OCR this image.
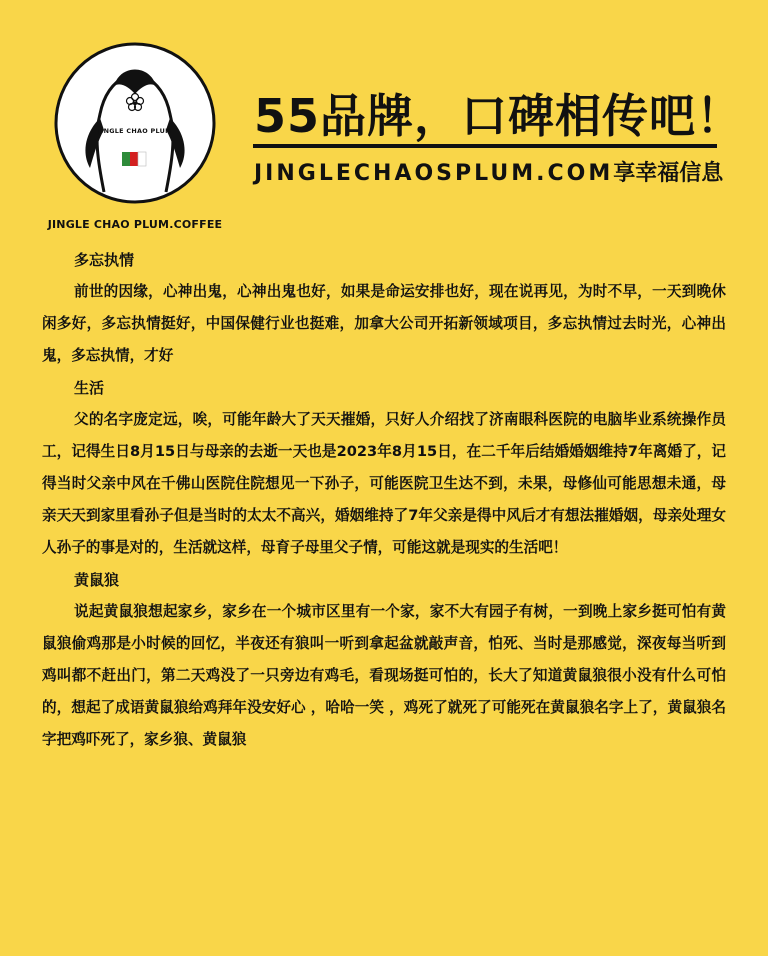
JINGLE CHAO PLUM
JINGLE CHAO PLUM.COFFEE
55品牌，口碑相传吧！
JINGLECHAOSPLUM.COM享幸福信息
多忘执情

前世的因缘，心神出鬼，心神出鬼也好，如果是命运安排也好，现在说再见，为时不早，一天到晚休闲多好，多忘执情挺好，中国保健行业也挺难，加拿大公司开拓新领域项目，多忘执情过去时光，心神出鬼，多忘执情，才好

生活

父的名字庞定远，唉，可能年龄大了天天摧婚，只好人介绍找了济南眼科医院的电脑毕业系统操作员工，记得生日8月15日与母亲的去逝一天也是2023年8月15日，在二千年后结婚婚姻维持7年离婚了，记得当时父亲中风在千佛山医院住院想见一下孙子，可能医院卫生达不到，未果，母修仙可能思想未通，母亲天天到家里看孙子但是当时的太太不高兴，婚姻维持了7年父亲是得中风后才有想法摧婚姻，母亲处理女人孙子的事是对的，生活就这样，母育子母里父子情，可能这就是现实的生活吧！

黄鼠狼

说起黄鼠狼想起家乡，家乡在一个城市区里有一个家，家不大有园子有树，一到晚上家乡挺可怕有黄鼠狼偷鸡那是小时候的回忆，半夜还有狼叫一听到拿起盆就敲声音，怕死、当时是那感觉，深夜每当听到鸡叫都不赶出门，第二天鸡没了一只旁边有鸡毛，看现场挺可怕的，长大了知道黄鼠狼很小没有什么可怕的，想起了成语黄鼠狼给鸡拜年没安好心 ，哈哈一笑 ，鸡死了就死了可能死在黄鼠狼名字上了，黄鼠狼名字把鸡吓死了，家乡狼、黄鼠狼
